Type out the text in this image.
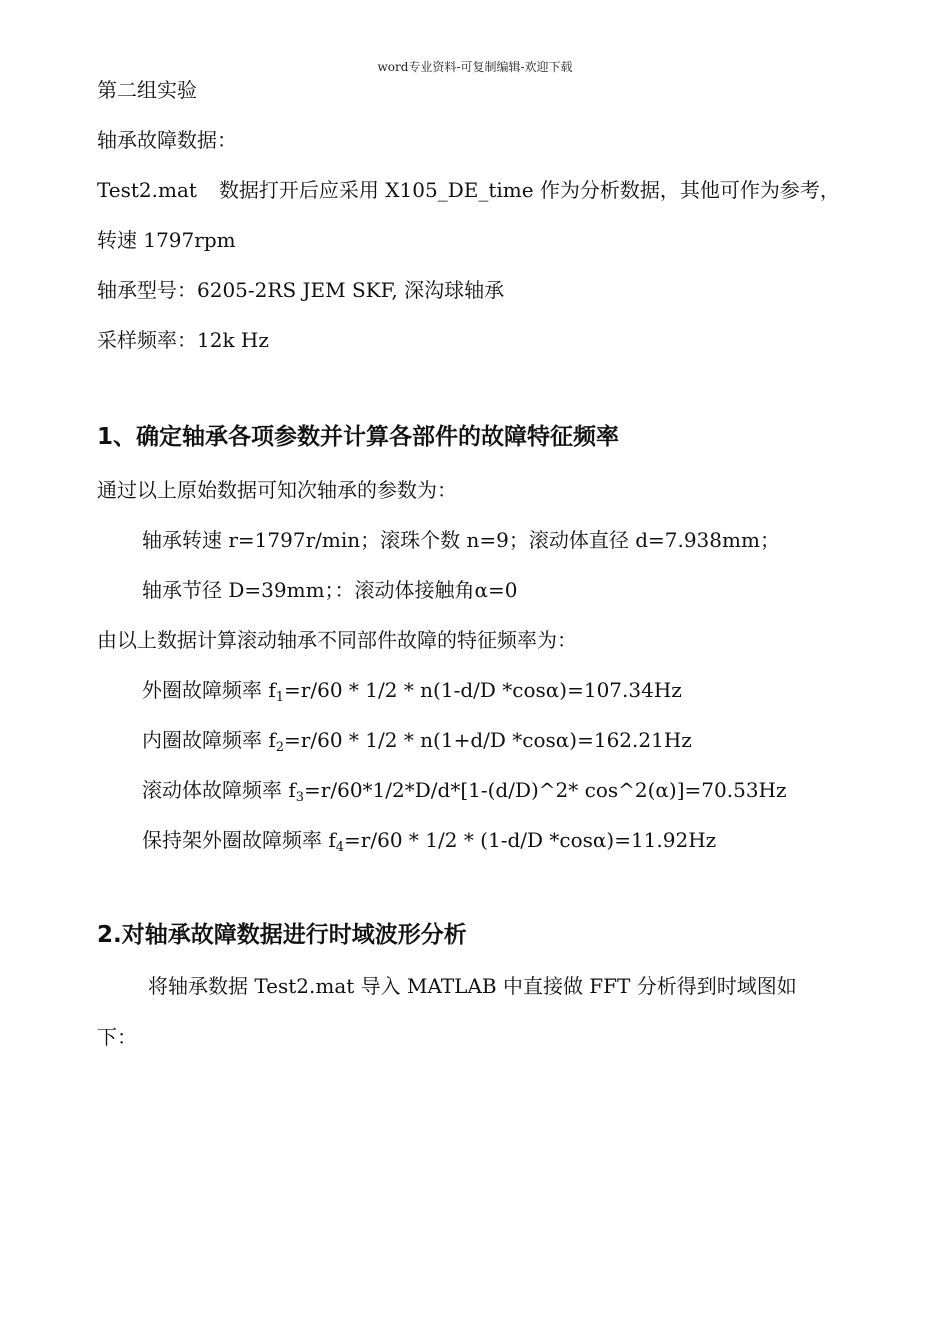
word专业资料-可复制编辑-欢迎下载
第二组实验
轴承故障数据：
Test2.mat 数据打开后应采用 X105_DE_time 作为分析数据，其他可作为参考，
转速 1797rpm
轴承型号：6205-2RS JEM SKF, 深沟球轴承
采样频率：12k Hz
1、确定轴承各项参数并计算各部件的故障特征频率
通过以上原始数据可知次轴承的参数为：
轴承转速 r=1797r/min；滚珠个数 n=9；滚动体直径 d=7.938mm；
轴承节径 D=39mm；：滚动体接触角α=0
由以上数据计算滚动轴承不同部件故障的特征频率为：
外圈故障频率 $f_1=r/60 * 1/2 * n(1-d/D$ *cosα)=107.34Hz
内圈故障频率 $f_2=r/60 * 1/2 * n(1+d/D$ *cosα)=162.21Hz
滚动体故障频率 $f_3=r/60*1/2*D/d*[1-(d/D)\^{}2*$ cos^2(α)]=70.53Hz
保持架外圈故障频率 $f_4=r/60 * 1/2 * (1-d/D$ *cosα)=11.92Hz
2.对轴承故障数据进行时域波形分析
将轴承数据 Test2.mat 导入 MATLAB 中直接做 FFT 分析得到时域图如
下：
